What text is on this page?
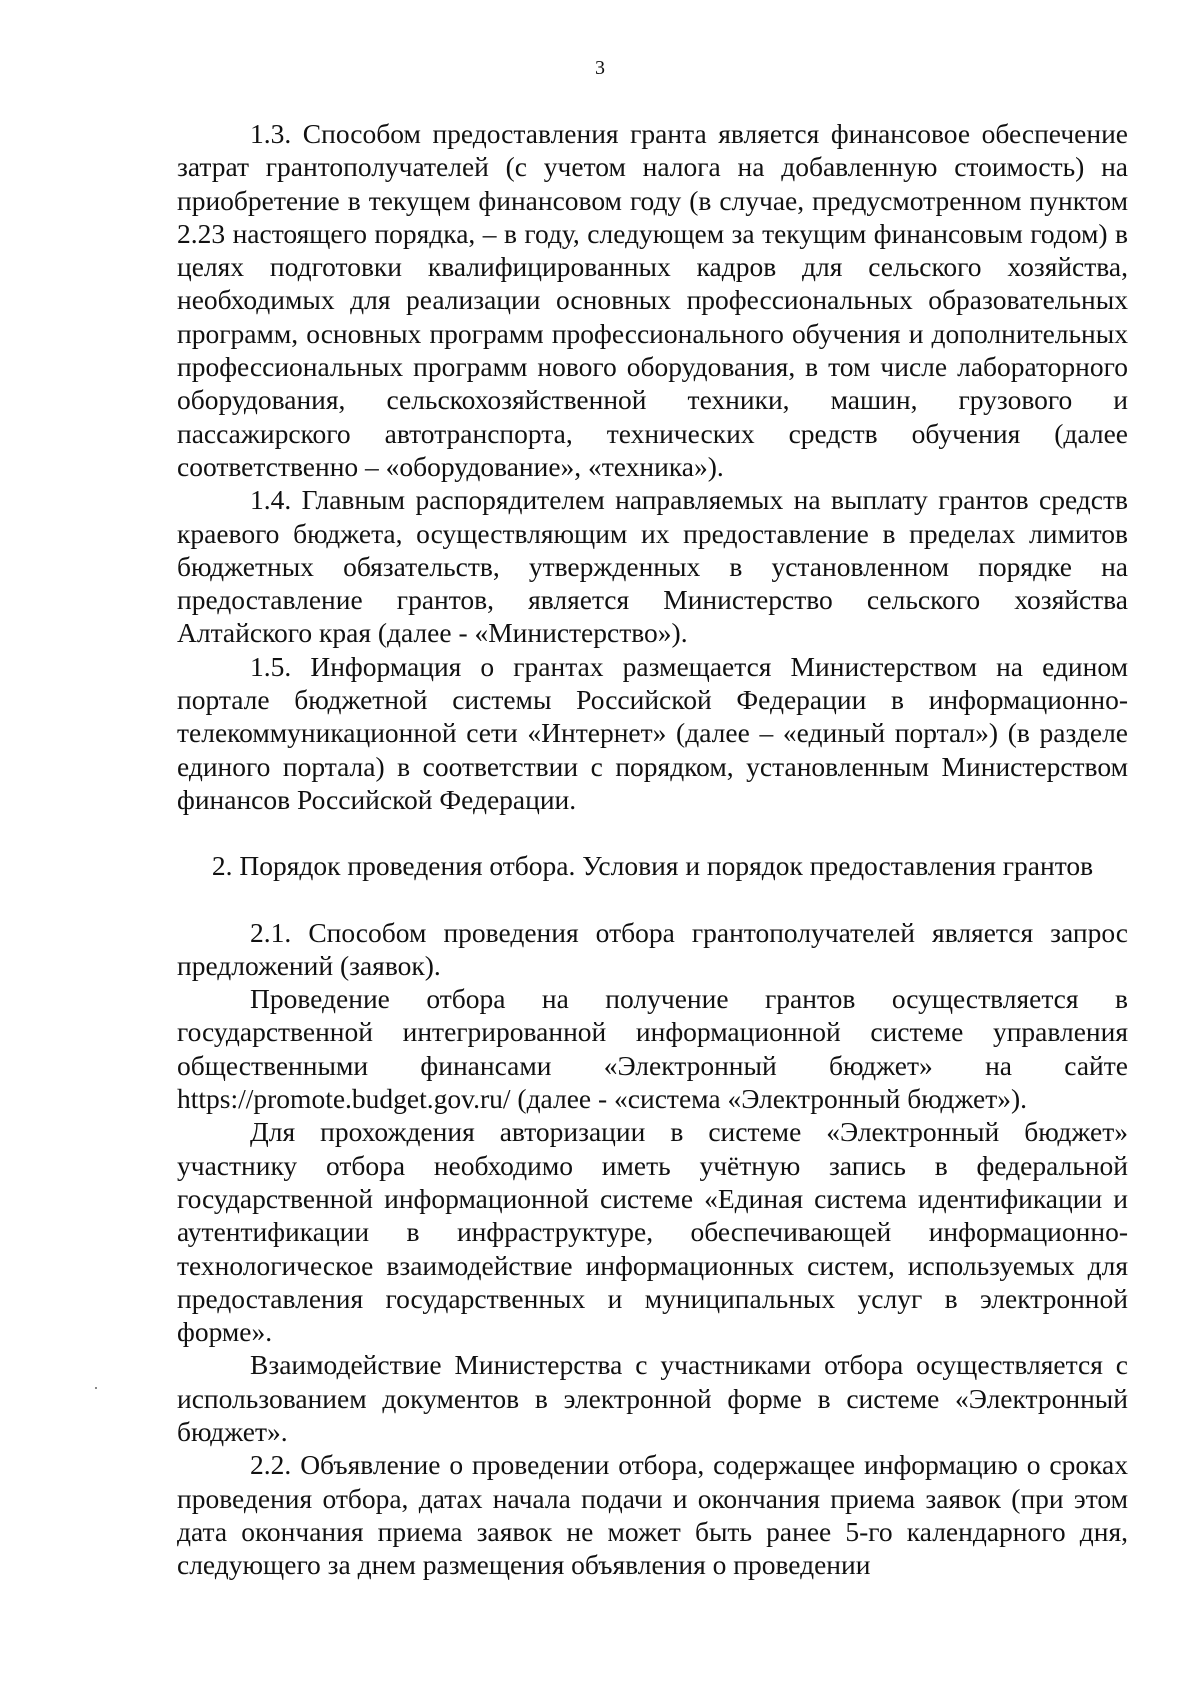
3

1.3. Способом предоставления гранта является финансовое обеспечение затрат грантополучателей (с учетом налога на добавленную стоимость) на приобретение в текущем финансовом году (в случае, предусмотренном пунктом 2.23 настоящего порядка, – в году, следующем за текущим финансовым годом) в целях подготовки квалифицированных кадров для сельского хозяйства, необходимых для реализации основных профессиональных образовательных программ, основных программ профессионального обучения и дополнительных профессиональных программ нового оборудования, в том числе лабораторного оборудования, сельскохозяйственной техники, машин, грузового и пассажирского автотранспорта, технических средств обучения (далее соответственно – «оборудование», «техника»).

1.4. Главным распорядителем направляемых на выплату грантов средств краевого бюджета, осуществляющим их предоставление в пределах лимитов бюджетных обязательств, утвержденных в установленном порядке на предоставление грантов, является Министерство сельского хозяйства Алтайского края (далее - «Министерство»).

1.5. Информация о грантах размещается Министерством на едином портале бюджетной системы Российской Федерации в информационно-телекоммуникационной сети «Интернет» (далее – «единый портал») (в разделе единого портала) в соответствии с порядком, установленным Министерством финансов Российской Федерации.

2. Порядок проведения отбора. Условия и порядок предоставления грантов

2.1. Способом проведения отбора грантополучателей является запрос предложений (заявок).

Проведение отбора на получение грантов осуществляется в государственной интегрированной информационной системе управления общественными финансами «Электронный бюджет» на сайте https://promote.budget.gov.ru/ (далее - «система «Электронный бюджет»).

Для прохождения авторизации в системе «Электронный бюджет» участнику отбора необходимо иметь учётную запись в федеральной государственной информационной системе «Единая система идентификации и аутентификации в инфраструктуре, обеспечивающей информационно-технологическое взаимодействие информационных систем, используемых для предоставления государственных и муниципальных услуг в электронной форме».

Взаимодействие Министерства с участниками отбора осуществляется с использованием документов в электронной форме в системе «Электронный бюджет».

2.2. Объявление о проведении отбора, содержащее информацию о сроках проведения отбора, датах начала подачи и окончания приема заявок (при этом дата окончания приема заявок не может быть ранее 5-го календарного дня, следующего за днем размещения объявления о проведении
